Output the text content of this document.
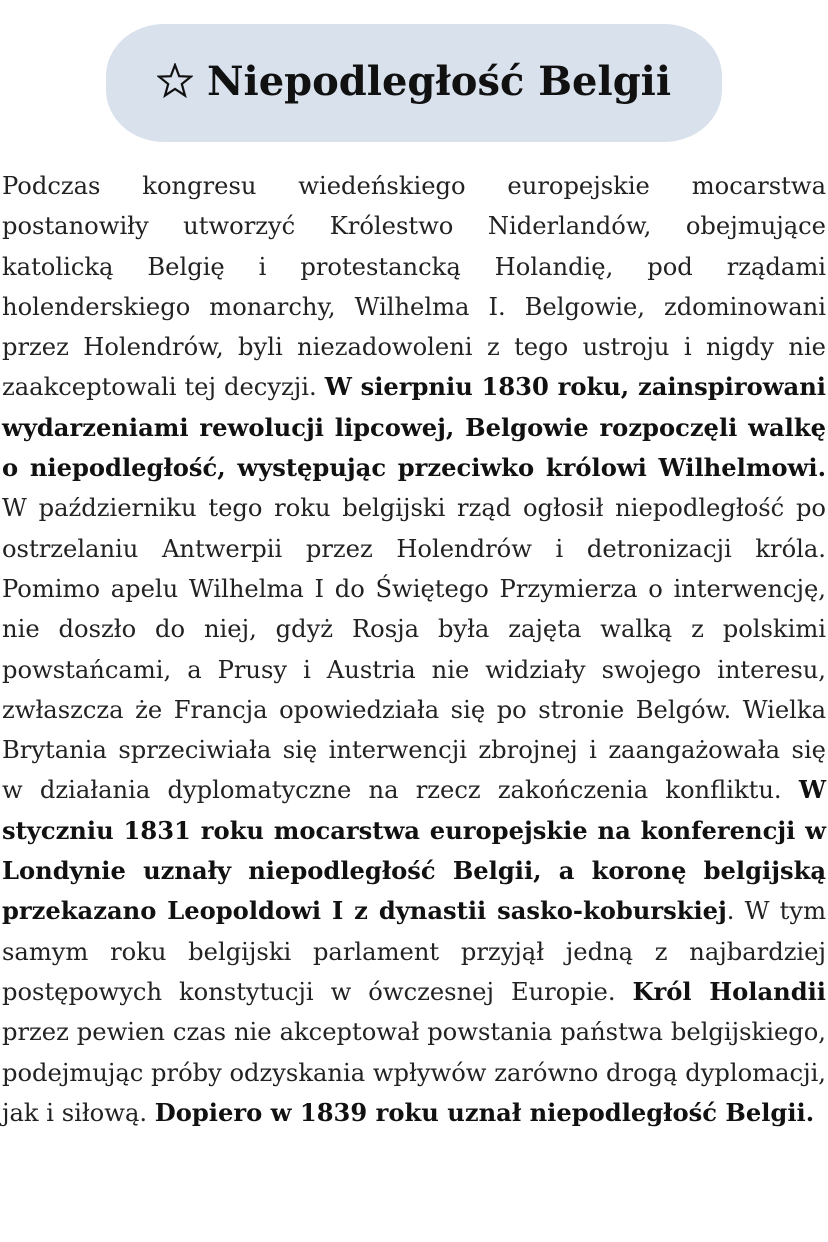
Niepodległość Belgii

Podczas kongresu wiedeńskiego europejskie mocarstwa postanowiły utworzyć Królestwo Niderlandów, obejmujące katolicką Belgię i protestancką Holandię, pod rządami holenderskiego monarchy, Wilhelma I. Belgowie, zdominowani przez Holendrów, byli niezadowoleni z tego ustroju i nigdy nie zaakceptowali tej decyzji. W sierpniu 1830 roku, zainspirowani wydarzeniami rewolucji lipcowej, Belgowie rozpoczęli walkę o niepodległość, występując przeciwko królowi Wilhelmowi. W październiku tego roku belgijski rząd ogłosił niepodległość po ostrzelaniu Antwerpii przez Holendrów i detronizacji króla. Pomimo apelu Wilhelma I do Świętego Przymierza o interwencję, nie doszło do niej, gdyż Rosja była zajęta walką z polskimi powstańcami, a Prusy i Austria nie widziały swojego interesu, zwłaszcza że Francja opowiedziała się po stronie Belgów. Wielka Brytania sprzeciwiała się interwencji zbrojnej i zaangażowała się w działania dyplomatyczne na rzecz zakończenia konfliktu. W styczniu 1831 roku mocarstwa europejskie na konferencji w Londynie uznały niepodległość Belgii, a koronę belgijską przekazano Leopoldowi I z dynastii sasko-koburskiej. W tym samym roku belgijski parlament przyjął jedną z najbardziej postępowych konstytucji w ówczesnej Europie. Król Holandii przez pewien czas nie akceptował powstania państwa belgijskiego, podejmując próby odzyskania wpływów zarówno drogą dyplomacji, jak i siłową. Dopiero w 1839 roku uznał niepodległość Belgii.
